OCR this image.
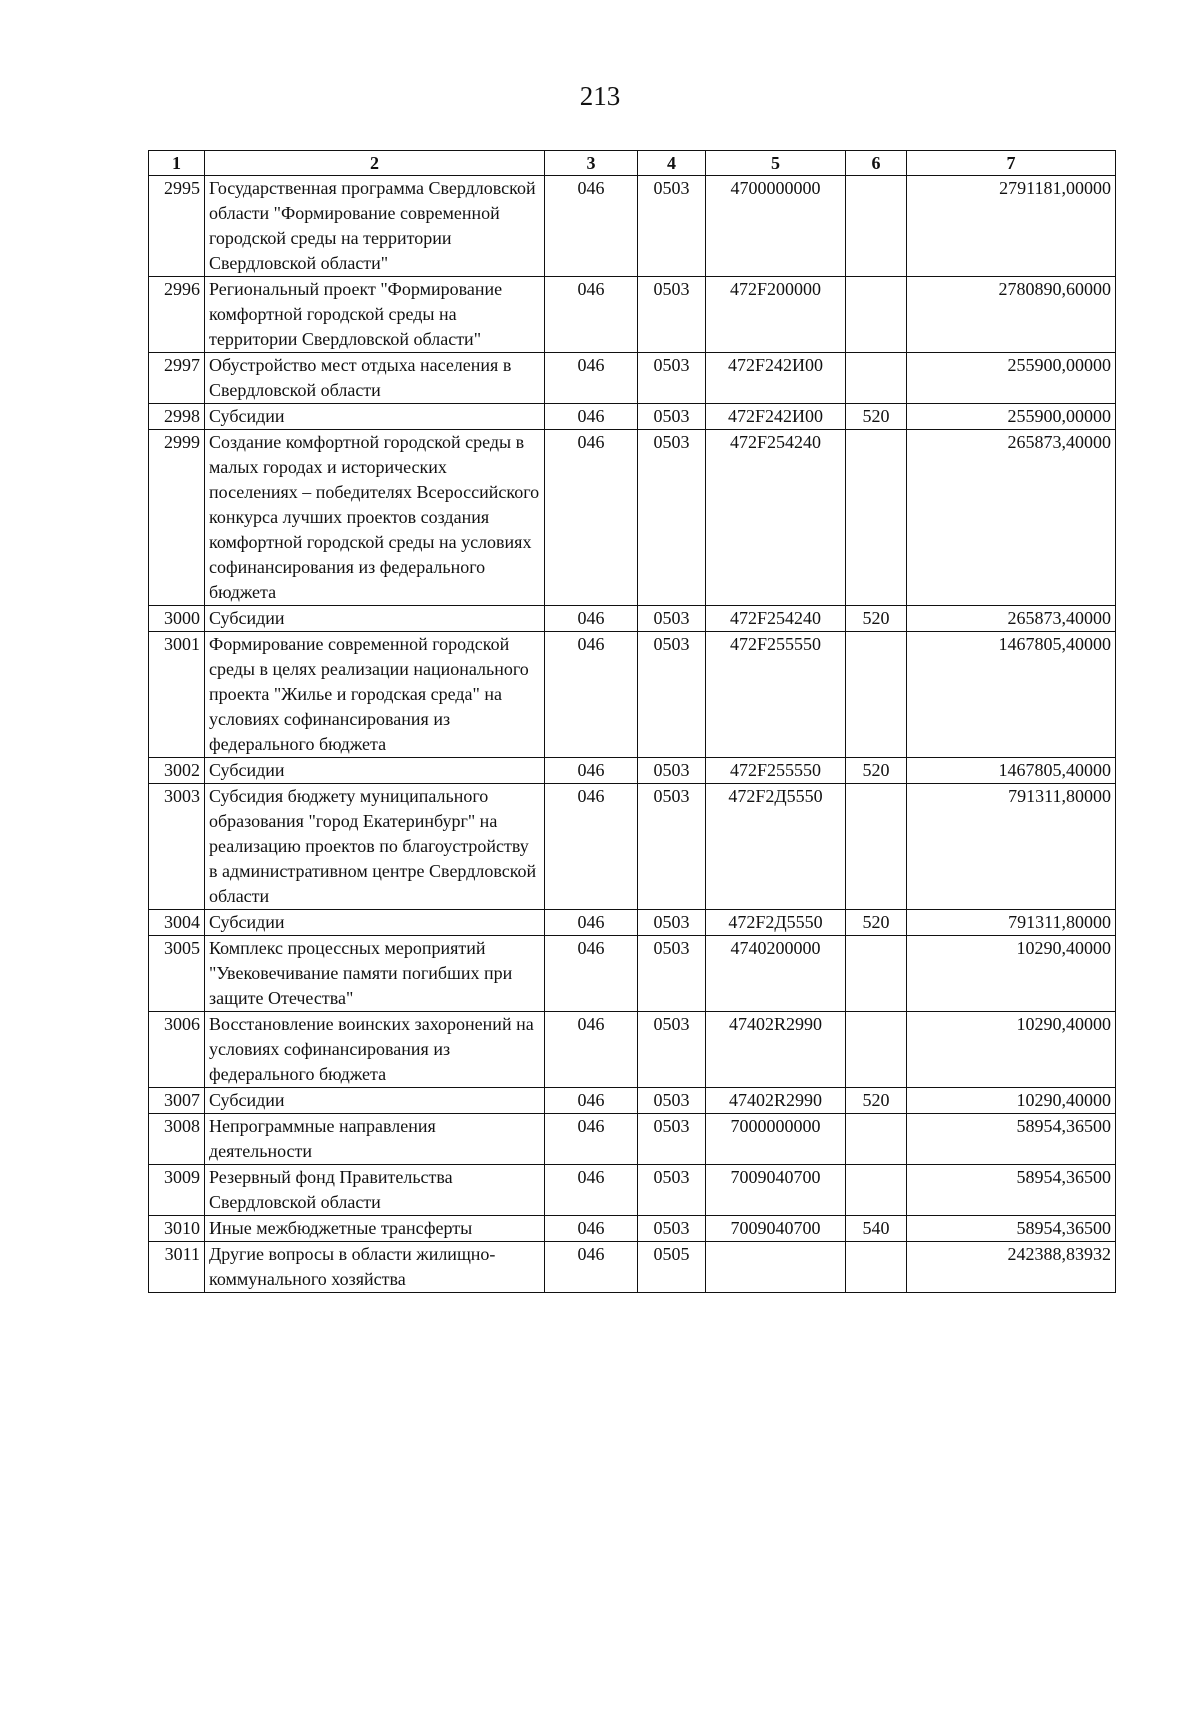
213
1	2	3	4	5	6	7
2995	Государственная программа Свердловской области "Формирование современной городской среды на территории Свердловской области"	046	0503	4700000000		2791181,00000
2996	Региональный проект "Формирование комфортной городской среды на территории Свердловской области"	046	0503	472F200000		2780890,60000
2997	Обустройство мест отдыха населения в Свердловской области	046	0503	472F242И00		255900,00000
2998	Субсидии	046	0503	472F242И00	520	255900,00000
2999	Создание комфортной городской среды в малых городах и исторических поселениях – победителях Всероссийского конкурса лучших проектов создания комфортной городской среды на условиях софинансирования из федерального бюджета	046	0503	472F254240		265873,40000
3000	Субсидии	046	0503	472F254240	520	265873,40000
3001	Формирование современной городской среды в целях реализации национального проекта "Жилье и городская среда" на условиях софинансирования из федерального бюджета	046	0503	472F255550		1467805,40000
3002	Субсидии	046	0503	472F255550	520	1467805,40000
3003	Субсидия бюджету муниципального образования "город Екатеринбург" на реализацию проектов по благоустройству в административном центре Свердловской области	046	0503	472F2Д5550		791311,80000
3004	Субсидии	046	0503	472F2Д5550	520	791311,80000
3005	Комплекс процессных мероприятий "Увековечивание памяти погибших при защите Отечества"	046	0503	4740200000		10290,40000
3006	Восстановление воинских захоронений на условиях софинансирования из федерального бюджета	046	0503	47402R2990		10290,40000
3007	Субсидии	046	0503	47402R2990	520	10290,40000
3008	Непрограммные направления деятельности	046	0503	7000000000		58954,36500
3009	Резервный фонд Правительства Свердловской области	046	0503	7009040700		58954,36500
3010	Иные межбюджетные трансферты	046	0503	7009040700	540	58954,36500
3011	Другие вопросы в области жилищно-коммунального хозяйства	046	0505			242388,83932
